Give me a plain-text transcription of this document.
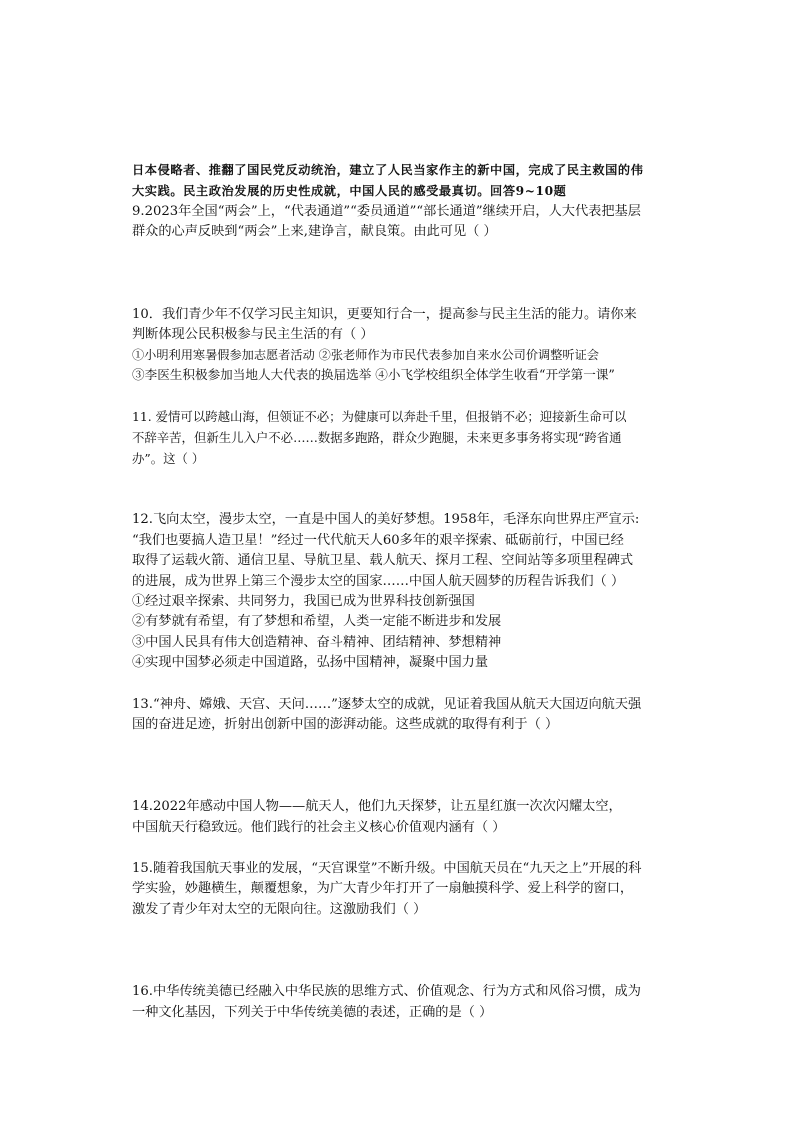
日本侵略者、推翻了国民党反动统治，建立了人民当家作主的新中国，完成了民主救国的伟
大实践。民主政治发展的历史性成就，中国人民的感受最真切。回答9~10题
9.2023年全国“两会”上，“代表通道”“委员通道”“部长通道”继续开启，人大代表把基层
群众的心声反映到“两会”上来,建诤言，献良策。由此可见（ ）
10．我们青少年不仅学习民主知识，更要知行合一，提高参与民主生活的能力。请你来
判断体现公民积极参与民主生活的有（ ）
①小明利用寒暑假参加志愿者活动 ②张老师作为市民代表参加自来水公司价调整听证会
③李医生积极参加当地人大代表的换届选举 ④小飞学校组织全体学生收看“开学第一课”
11. 爱情可以跨越山海，但领证不必；为健康可以奔赴千里，但报销不必；迎接新生命可以
不辞辛苦，但新生儿入户不必……数据多跑路，群众少跑腿，未来更多事务将实现“跨省通
办”。这（ ）
12.飞向太空，漫步太空，一直是中国人的美好梦想。1958年，毛泽东向世界庄严宣示:
“我们也要搞人造卫星！”经过一代代航天人60多年的艰辛探索、砥砺前行，中国已经
取得了运载火箭、通信卫星、导航卫星、载人航天、探月工程、空间站等多项里程碑式
的进展，成为世界上第三个漫步太空的国家……中国人航天圆梦的历程告诉我们（ ）
①经过艰辛探索、共同努力，我国已成为世界科技创新强国
②有梦就有希望，有了梦想和希望，人类一定能不断进步和发展
③中国人民具有伟大创造精神、奋斗精神、团结精神、梦想精神
④实现中国梦必须走中国道路，弘扬中国精神，凝聚中国力量
13.“神舟、嫦娥、天宫、天问……”逐梦太空的成就，见证着我国从航天大国迈向航天强
国的奋进足迹，折射出创新中国的澎湃动能。这些成就的取得有利于（ ）
14.2022年感动中国人物——航天人，他们九天探梦，让五星红旗一次次闪耀太空，
中国航天行稳致远。他们践行的社会主义核心价值观内涵有（ ）
15.随着我国航天事业的发展，“天宫课堂”不断升级。中国航天员在“九天之上”开展的科
学实验，妙趣横生，颠覆想象，为广大青少年打开了一扇触摸科学、爱上科学的窗口，
激发了青少年对太空的无限向往。这激励我们（ ）
16.中华传统美德已经融入中华民族的思维方式、价值观念、行为方式和风俗习惯，成为
一种文化基因，下列关于中华传统美德的表述，正确的是（ ）
